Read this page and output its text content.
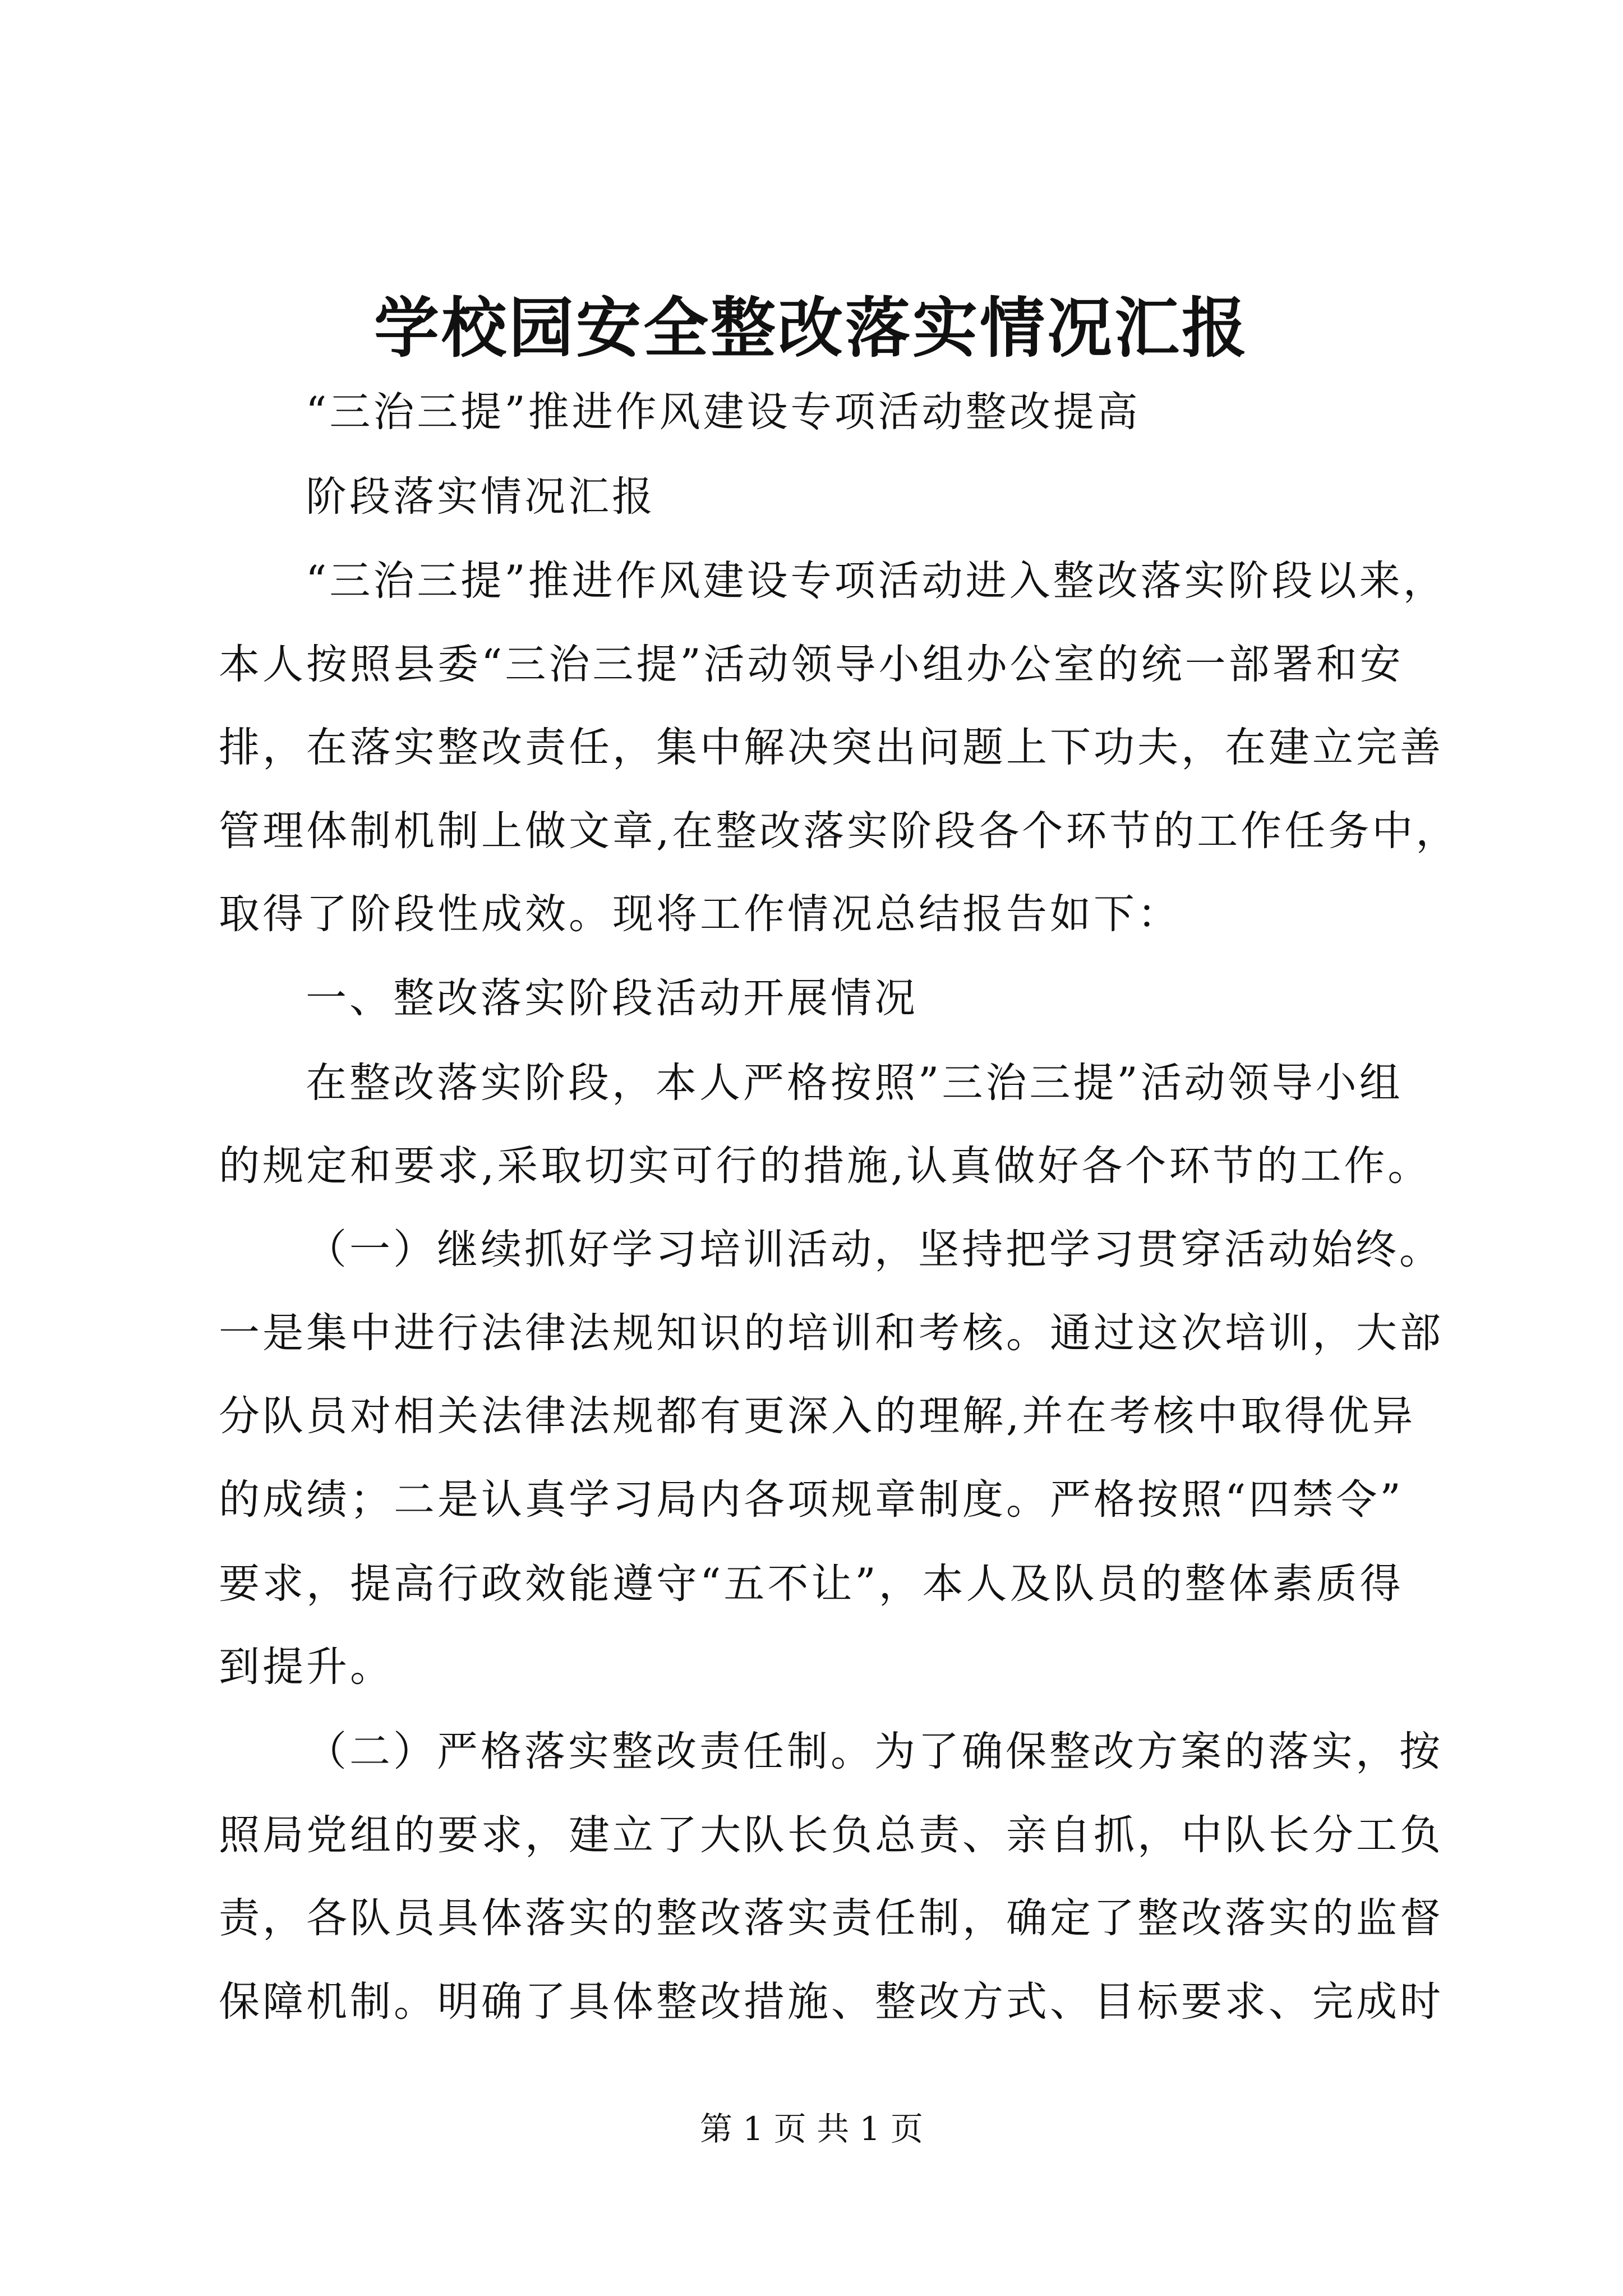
学校园安全整改落实情况汇报
“三治三提”推进作风建设专项活动整改提高
阶段落实情况汇报
“三治三提”推进作风建设专项活动进入整改落实阶段以来，
本人按照县委“三治三提”活动领导小组办公室的统一部署和安
排，在落实整改责任，集中解决突出问题上下功夫，在建立完善
管理体制机制上做文章,在整改落实阶段各个环节的工作任务中，
取得了阶段性成效。现将工作情况总结报告如下：
一、整改落实阶段活动开展情况
在整改落实阶段，本人严格按照”三治三提”活动领导小组
的规定和要求,采取切实可行的措施,认真做好各个环节的工作。
（一）继续抓好学习培训活动，坚持把学习贯穿活动始终。
一是集中进行法律法规知识的培训和考核。通过这次培训，大部
分队员对相关法律法规都有更深入的理解,并在考核中取得优异
的成绩；二是认真学习局内各项规章制度。严格按照“四禁令”
要求，提高行政效能遵守“五不让”，本人及队员的整体素质得
到提升。
（二）严格落实整改责任制。为了确保整改方案的落实，按
照局党组的要求，建立了大队长负总责、亲自抓，中队长分工负
责，各队员具体落实的整改落实责任制，确定了整改落实的监督
保障机制。明确了具体整改措施、整改方式、目标要求、完成时
第 1 页 共 1 页
